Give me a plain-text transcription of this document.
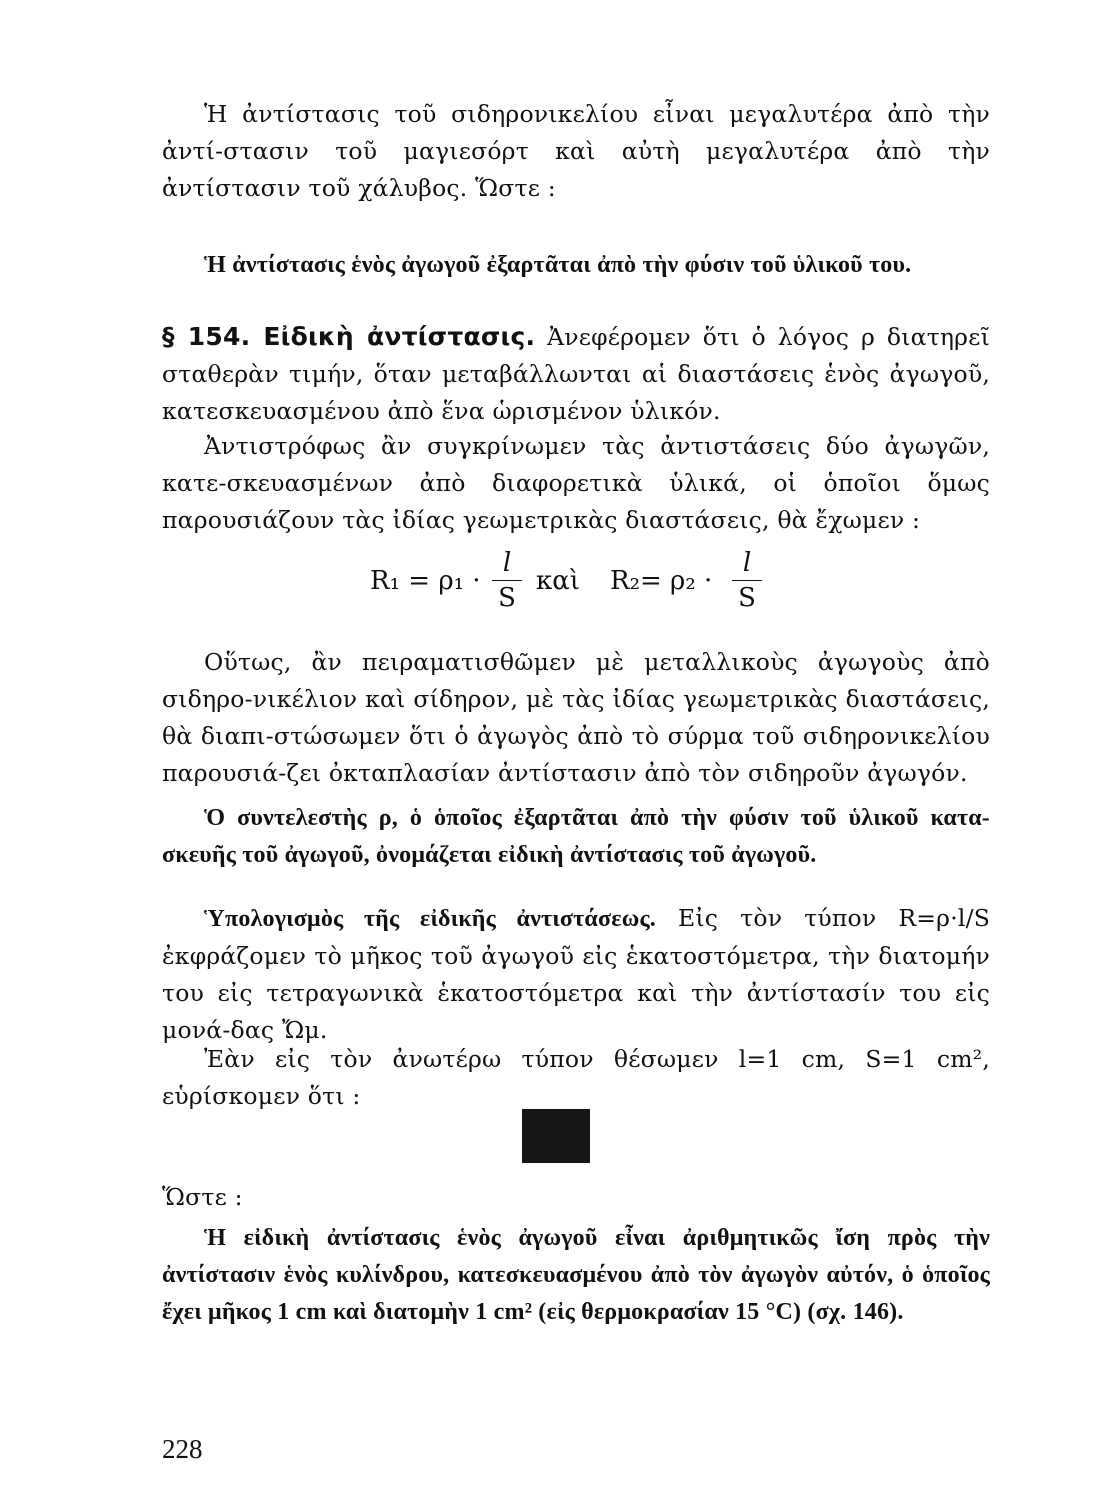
Ἡ ἀντίστασις τοῦ σιδηρονικελίου εἶναι μεγαλυτέρα ἀπὸ τὴν ἀντί-στασιν τοῦ μαγιεσόρτ καὶ αὐτὴ μεγαλυτέρα ἀπὸ τὴν ἀντίστασιν τοῦ χάλυβος. Ὥστε :

Ἡ ἀντίστασις ἑνὸς ἀγωγοῦ ἐξαρτᾶται ἀπὸ τὴν φύσιν τοῦ ὑλικοῦ του.

§ 154. Εἰδικὴ ἀντίστασις. Ἀνεφέρομεν ὅτι ὁ λόγος ρ διατηρεῖ σταθερὰν τιμήν, ὅταν μεταβάλλωνται αἱ διαστάσεις ἑνὸς ἀγωγοῦ, κατεσκευασμένου ἀπὸ ἕνα ὡρισμένον ὑλικόν.

Ἀντιστρόφως ἂν συγκρίνωμεν τὰς ἀντιστάσεις δύο ἀγωγῶν, κατε-σκευασμένων ἀπὸ διαφορετικὰ ὑλικά, οἱ ὁποῖοι ὅμως παρουσιάζουν τὰς ἰδίας γεωμετρικὰς διαστάσεις, θὰ ἔχωμεν :

R₁ = ρ₁ ·
l
S
καὶ R₂= ρ₂ ·
l
S

Οὕτως, ἂν πειραματισθῶμεν μὲ μεταλλικοὺς ἀγωγοὺς ἀπὸ σιδηρο-νικέλιον καὶ σίδηρον, μὲ τὰς ἰδίας γεωμετρικὰς διαστάσεις, θὰ διαπι-στώσωμεν ὅτι ὁ ἀγωγὸς ἀπὸ τὸ σύρμα τοῦ σιδηρονικελίου παρουσιά-ζει ὀκταπλασίαν ἀντίστασιν ἀπὸ τὸν σιδηροῦν ἀγωγόν.

Ὁ συντελεστὴς ρ, ὁ ὁποῖος ἐξαρτᾶται ἀπὸ τὴν φύσιν τοῦ ὑλικοῦ κατα-σκευῆς τοῦ ἀγωγοῦ, ὀνομάζεται εἰδικὴ ἀντίστασις τοῦ ἀγωγοῦ.

Ὑπολογισμὸς τῆς εἰδικῆς ἀντιστάσεως. Εἰς τὸν τύπον R=ρ·l/S ἐκφράζομεν τὸ μῆκος τοῦ ἀγωγοῦ εἰς ἑκατοστόμετρα, τὴν διατομήν του εἰς τετραγωνικὰ ἑκατοστόμετρα καὶ τὴν ἀντίστασίν του εἰς μονά-δας Ὤμ.

Ἐὰν εἰς τὸν ἀνωτέρω τύπον θέσωμεν l=1 cm, S=1 cm², εὑρίσκομεν ὅτι :

Ὥστε :

Ἡ εἰδικὴ ἀντίστασις ἑνὸς ἀγωγοῦ εἶναι ἀριθμητικῶς ἴση πρὸς τὴν ἀντίστασιν ἑνὸς κυλίνδρου, κατεσκευασμένου ἀπὸ τὸν ἀγωγὸν αὐτόν, ὁ ὁποῖος ἔχει μῆκος 1 cm καὶ διατομὴν 1 cm² (εἰς θερμοκρασίαν 15 °C) (σχ. 146).

228
